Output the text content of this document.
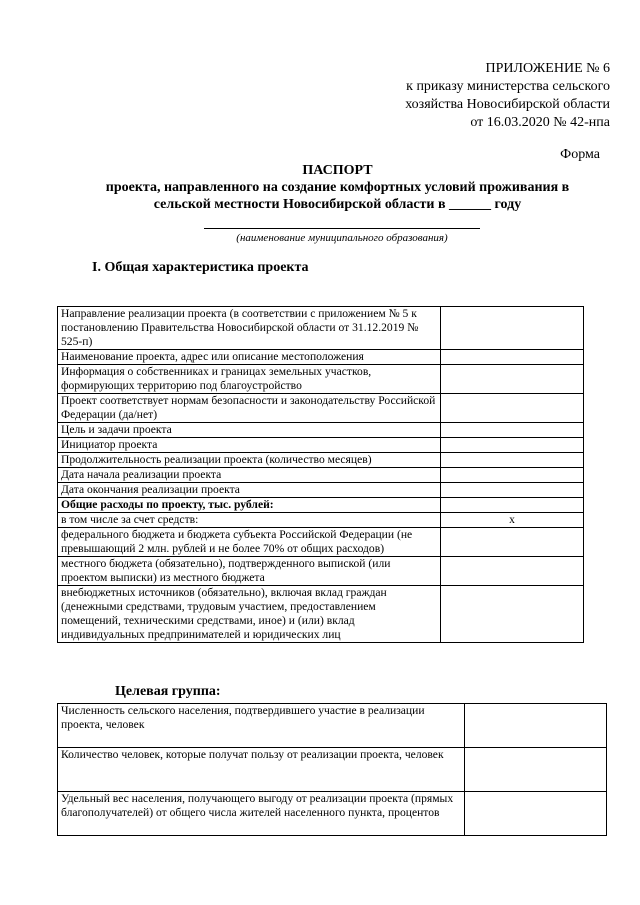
ПРИЛОЖЕНИЕ № 6
к приказу министерства сельского
хозяйства Новосибирской области
от 16.03.2020 № 42-нпа
Форма
ПАСПОРТ
проекта, направленного на создание комфортных условий проживания в
сельской местности Новосибирской области в ______ году
(наименование муниципального образования)
I. Общая характеристика проекта
Направление реализации проекта (в соответствии с приложением № 5 к постановлению Правительства Новосибирской области от 31.12.2019 № 525-п)	
Наименование проекта, адрес или описание местоположения	
Информация о собственниках и границах земельных участков, формирующих территорию под благоустройство	
Проект соответствует нормам безопасности и законодательству Российской Федерации (да/нет)	
Цель и задачи проекта	
Инициатор проекта	
Продолжительность реализации проекта (количество месяцев)	
Дата начала реализации проекта	
Дата окончания реализации проекта	
Общие расходы по проекту, тыс. рублей:	
в том числе за счет средств:	х
федерального бюджета и бюджета субъекта Российской Федерации (не превышающий 2 млн. рублей и не более 70% от общих расходов)	
местного бюджета (обязательно), подтвержденного выпиской (или проектом выписки) из местного бюджета	
внебюджетных источников (обязательно), включая вклад граждан (денежными средствами, трудовым участием, предоставлением помещений, техническими средствами, иное) и (или) вклад индивидуальных предпринимателей и юридических лиц	
Целевая группа:
Численность сельского населения, подтвердившего участие в реализации проекта, человек	
Количество человек, которые получат пользу от реализации проекта, человек	
Удельный вес населения, получающего выгоду от реализации проекта (прямых благополучателей) от общего числа жителей населенного пункта, процентов	
